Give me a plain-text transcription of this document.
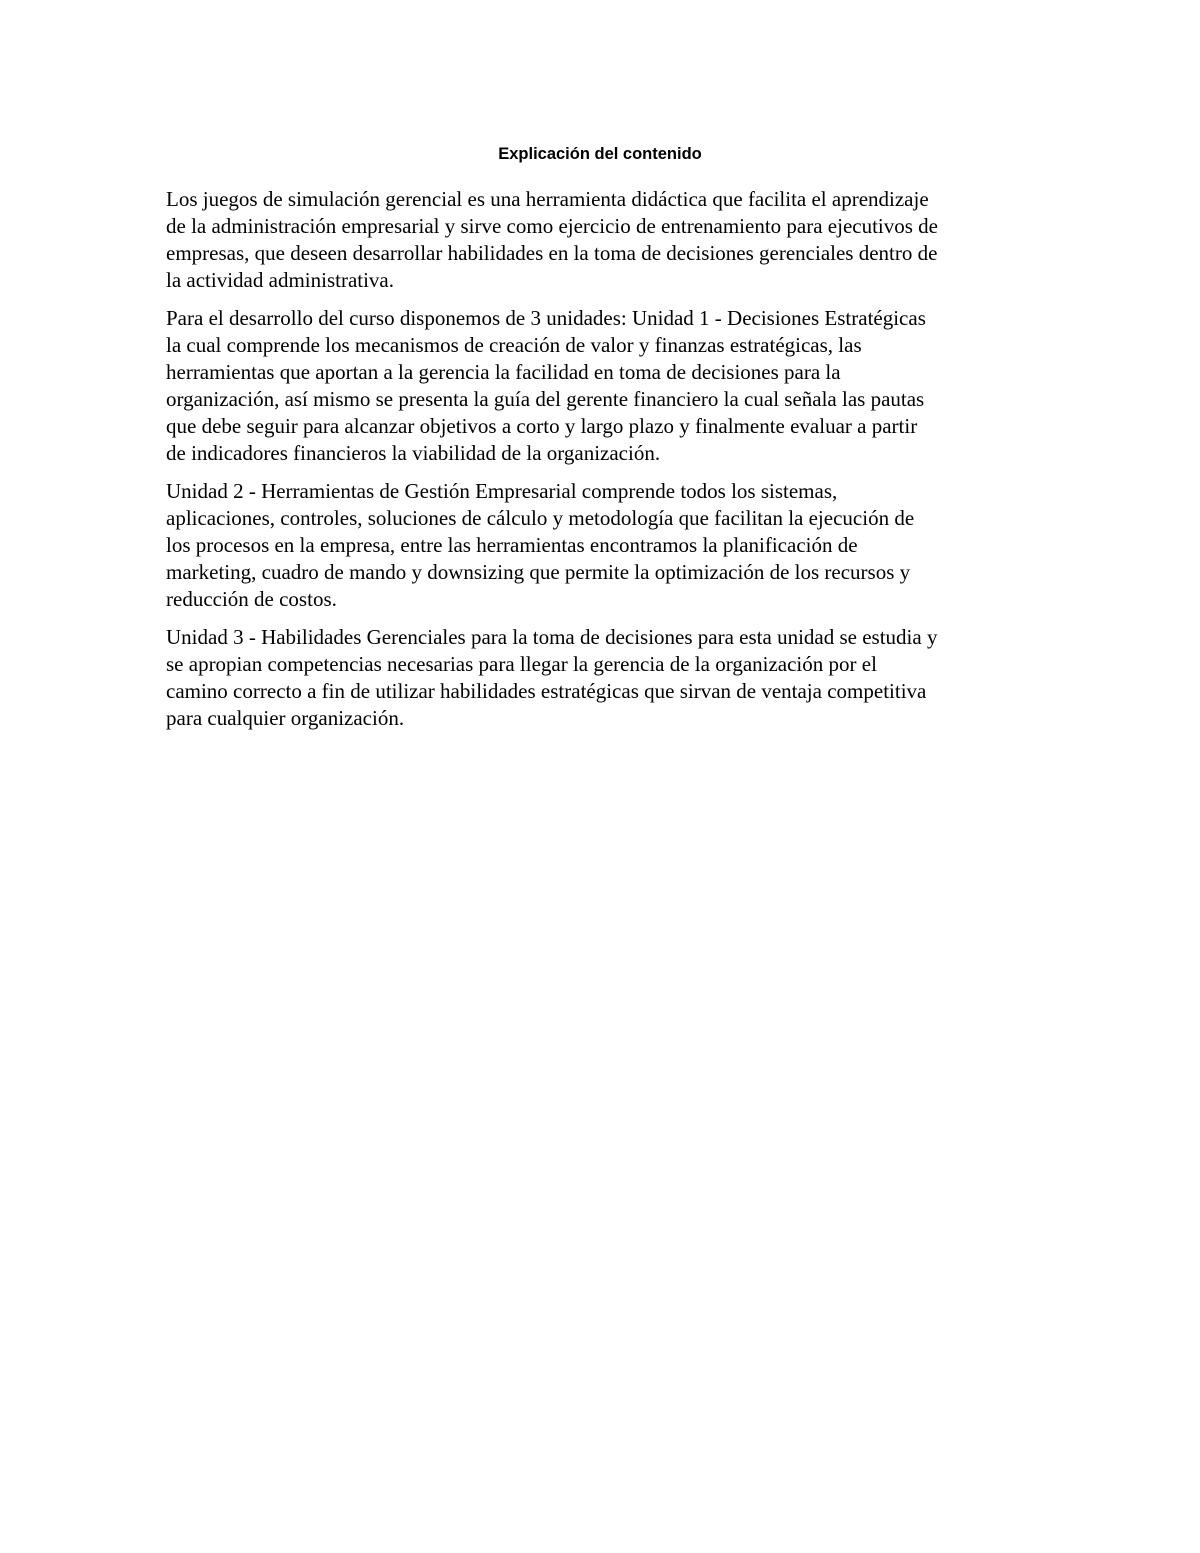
Explicación del contenido

Los juegos de simulación gerencial es una herramienta didáctica que facilita el aprendizaje
de la administración empresarial y sirve como ejercicio de entrenamiento para ejecutivos de
empresas, que deseen desarrollar habilidades en la toma de decisiones gerenciales dentro de
la actividad administrativa.

Para el desarrollo del curso disponemos de 3 unidades: Unidad 1 - Decisiones Estratégicas
la cual comprende los mecanismos de creación de valor y finanzas estratégicas, las
herramientas que aportan a la gerencia la facilidad en toma de decisiones para la
organización, así mismo se presenta la guía del gerente financiero la cual señala las pautas
que debe seguir para alcanzar objetivos a corto y largo plazo y finalmente evaluar a partir
de indicadores financieros la viabilidad de la organización.

Unidad 2 - Herramientas de Gestión Empresarial comprende todos los sistemas,
aplicaciones, controles, soluciones de cálculo y metodología que facilitan la ejecución de
los procesos en la empresa, entre las herramientas encontramos la planificación de
marketing, cuadro de mando y downsizing que permite la optimización de los recursos y
reducción de costos.

Unidad 3 - Habilidades Gerenciales para la toma de decisiones para esta unidad se estudia y
se apropian competencias necesarias para llegar la gerencia de la organización por el
camino correcto a fin de utilizar habilidades estratégicas que sirvan de ventaja competitiva
para cualquier organización.
